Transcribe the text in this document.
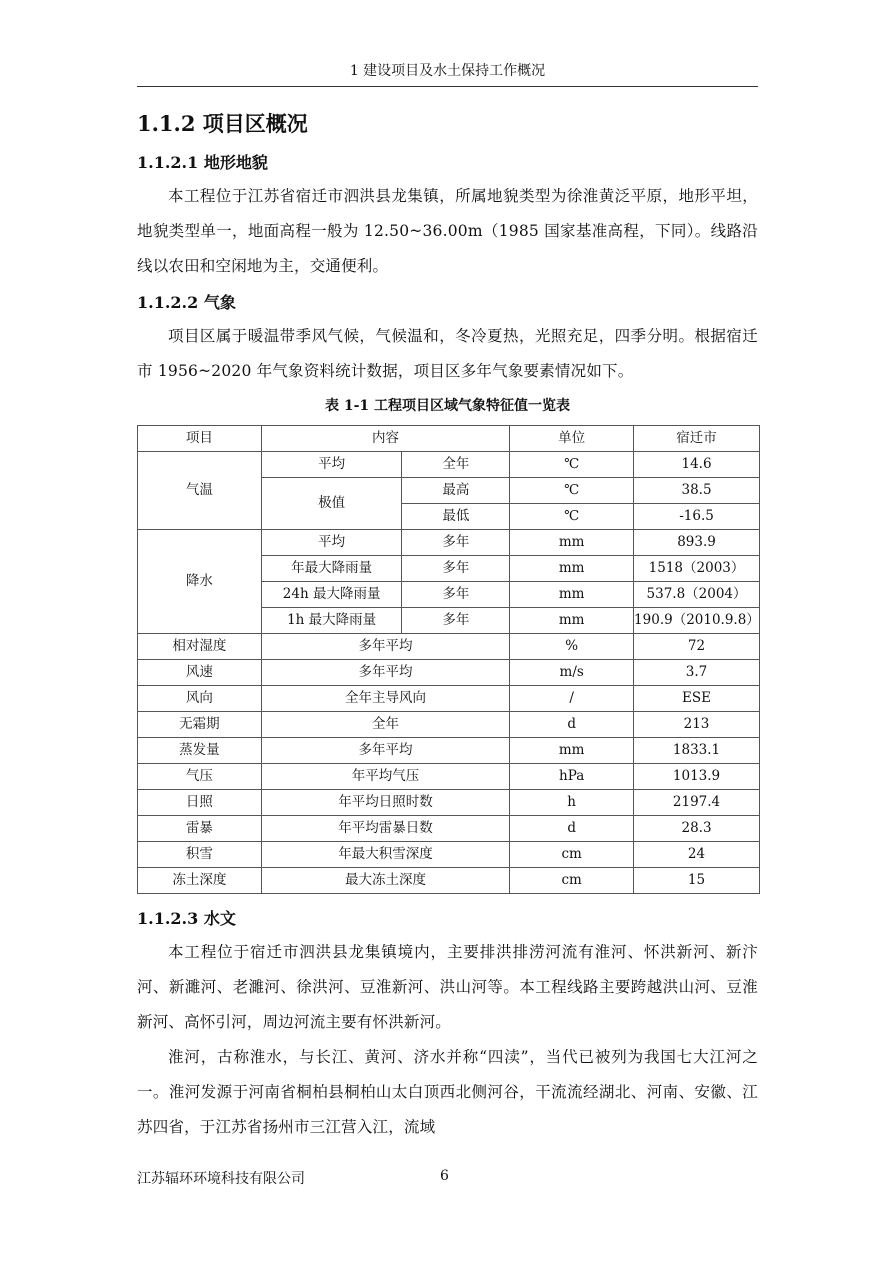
1 建设项目及水土保持工作概况
1.1.2 项目区概况
1.1.2.1 地形地貌

本工程位于江苏省宿迁市泗洪县龙集镇，所属地貌类型为徐淮黄泛平原，地形平坦，地貌类型单一，地面高程一般为 12.50~36.00m（1985 国家基准高程，下同）。线路沿线以农田和空闲地为主，交通便利。

1.1.2.2 气象

项目区属于暖温带季风气候，气候温和，冬冷夏热，光照充足，四季分明。根据宿迁市 1956~2020 年气象资料统计数据，项目区多年气象要素情况如下。

表 1-1 工程项目区域气象特征值一览表
项目	内容		单位	宿迁市
气温	平均	全年	℃	14.6
	极值	最高	℃	38.5
		最低	℃	-16.5
降水	平均	多年	mm	893.9
	年最大降雨量	多年	mm	1518（2003）
	24h 最大降雨量	多年	mm	537.8（2004）
	1h 最大降雨量	多年	mm	190.9（2010.9.8）
相对湿度	多年平均		%	72
风速	多年平均		m/s	3.7
风向	全年主导风向		/	ESE
无霜期	全年		d	213
蒸发量	多年平均		mm	1833.1
气压	年平均气压		hPa	1013.9
日照	年平均日照时数		h	2197.4
雷暴	年平均雷暴日数		d	28.3
积雪	年最大积雪深度		cm	24
冻土深度	最大冻土深度		cm	15
1.1.2.3 水文

本工程位于宿迁市泗洪县龙集镇境内，主要排洪排涝河流有淮河、怀洪新河、新汴河、新濉河、老濉河、徐洪河、豆淮新河、洪山河等。本工程线路主要跨越洪山河、豆淮新河、高怀引河，周边河流主要有怀洪新河。

淮河，古称淮水，与长江、黄河、济水并称“四渎”，当代已被列为我国七大江河之一。淮河发源于河南省桐柏县桐柏山太白顶西北侧河谷，干流流经湖北、河南、安徽、江苏四省，于江苏省扬州市三江营入江，流域

江苏辐环环境科技有限公司	6
